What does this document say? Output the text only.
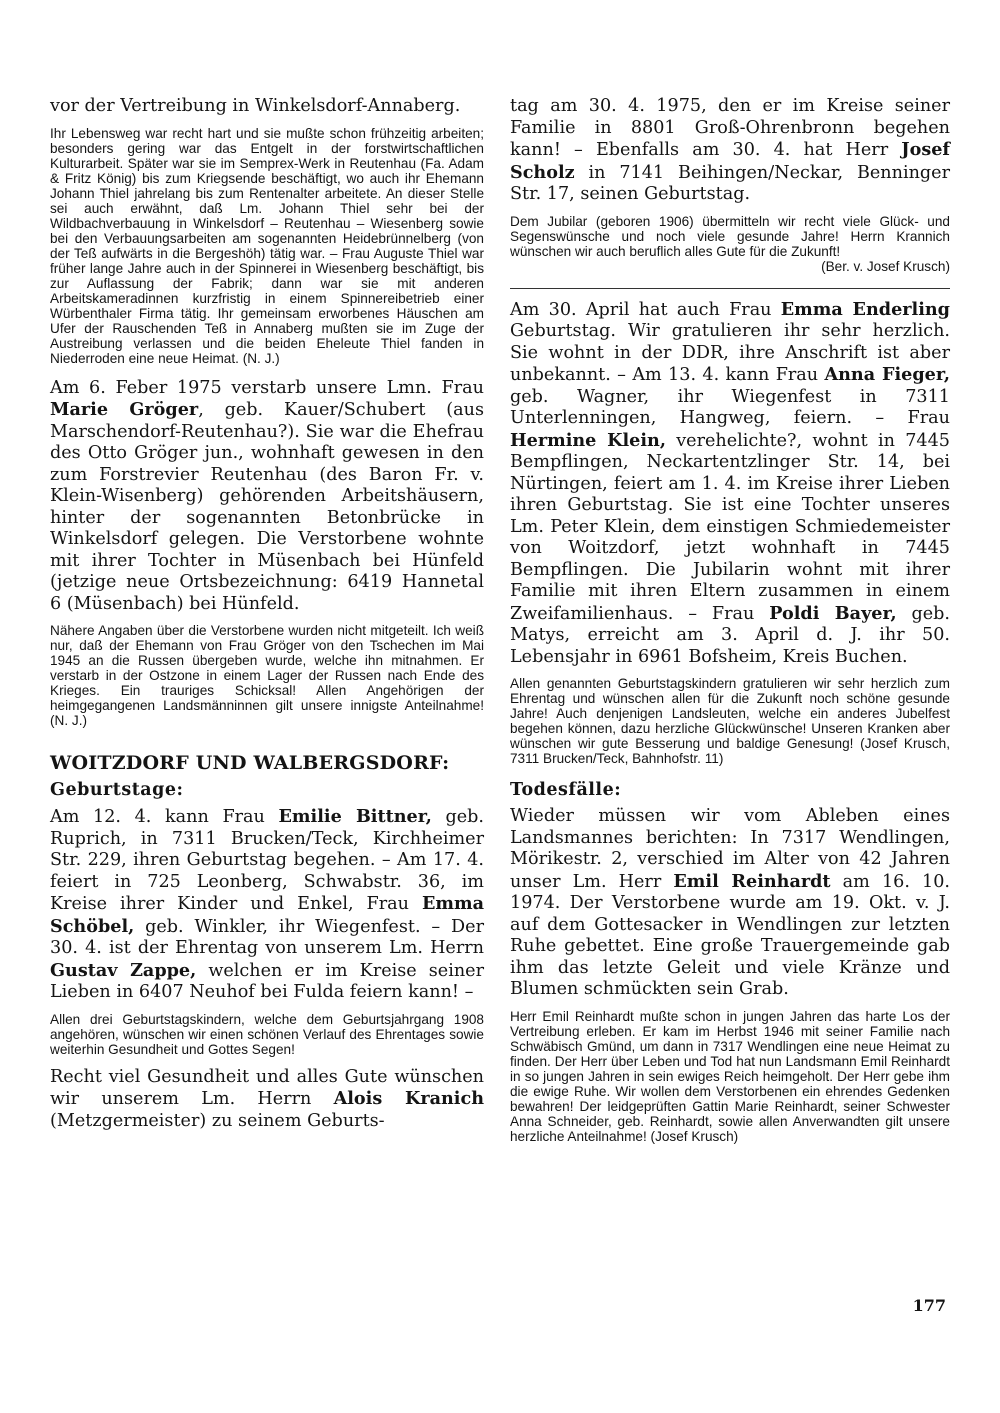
vor der Vertreibung in Winkelsdorf-Annaberg.

Ihr Lebensweg war recht hart und sie mußte schon frühzeitig arbeiten; besonders gering war das Entgelt in der forstwirtschaftlichen Kulturarbeit. Später war sie im Semprex-Werk in Reutenhau (Fa. Adam & Fritz König) bis zum Kriegsende beschäftigt, wo auch ihr Ehemann Johann Thiel jahrelang bis zum Rentenalter arbeitete. An dieser Stelle sei auch erwähnt, daß Lm. Johann Thiel sehr bei der Wildbachverbauung in Winkelsdorf – Reutenhau – Wiesenberg sowie bei den Verbauungsarbeiten am sogenannten Heidebrünnelberg (von der Teß aufwärts in die Bergeshöh) tätig war. – Frau Auguste Thiel war früher lange Jahre auch in der Spinnerei in Wiesenberg beschäftigt, bis zur Auflassung der Fabrik; dann war sie mit anderen Arbeitskameradinnen kurzfristig in einem Spinnereibetrieb einer Würbenthaler Firma tätig. Ihr gemeinsam erworbenes Häuschen am Ufer der Rauschenden Teß in Annaberg mußten sie im Zuge der Austreibung verlassen und die beiden Eheleute Thiel fanden in Niederroden eine neue Heimat. (N. J.)

Am 6. Feber 1975 verstarb unsere Lmn. Frau Marie Gröger, geb. Kauer/Schubert (aus Marschendorf-Reutenhau?). Sie war die Ehefrau des Otto Gröger jun., wohnhaft gewesen in den zum Forstrevier Reutenhau (des Baron Fr. v. Klein-Wisenberg) gehörenden Arbeitshäusern, hinter der sogenannten Betonbrücke in Winkelsdorf gelegen. Die Verstorbene wohnte mit ihrer Tochter in Müsenbach bei Hünfeld (jetzige neue Ortsbezeichnung: 6419 Hannetal 6 (Müsenbach) bei Hünfeld.

Nähere Angaben über die Verstorbene wurden nicht mitgeteilt. Ich weiß nur, daß der Ehemann von Frau Gröger von den Tschechen im Mai 1945 an die Russen übergeben wurde, welche ihn mitnahmen. Er verstarb in der Ostzone in einem Lager der Russen nach Ende des Krieges. Ein trauriges Schicksal! Allen Angehörigen der heimgegangenen Landsmänninnen gilt unsere innigste Anteilnahme! (N. J.)

WOITZDORF UND WALBERGSDORF:
Geburtstage:

Am 12. 4. kann Frau Emilie Bittner, geb. Ruprich, in 7311 Brucken/Teck, Kirchheimer Str. 229, ihren Geburtstag begehen. – Am 17. 4. feiert in 725 Leonberg, Schwabstr. 36, im Kreise ihrer Kinder und Enkel, Frau Emma Schöbel, geb. Winkler, ihr Wiegenfest. – Der 30. 4. ist der Ehrentag von unserem Lm. Herrn Gustav Zappe, welchen er im Kreise seiner Lieben in 6407 Neuhof bei Fulda feiern kann! –

Allen drei Geburtstagskindern, welche dem Geburtsjahrgang 1908 angehören, wünschen wir einen schönen Verlauf des Ehrentages sowie weiterhin Gesundheit und Gottes Segen!

Recht viel Gesundheit und alles Gute wünschen wir unserem Lm. Herrn Alois Kranich (Metzgermeister) zu seinem Geburts-

tag am 30. 4. 1975, den er im Kreise seiner Familie in 8801 Groß-Ohrenbronn begehen kann! – Ebenfalls am 30. 4. hat Herr Josef Scholz in 7141 Beihingen/Neckar, Benninger Str. 17, seinen Geburtstag.

Dem Jubilar (geboren 1906) übermitteln wir recht viele Glück- und Segenswünsche und noch viele gesunde Jahre! Herrn Krannich wünschen wir auch beruflich alles Gute für die Zukunft!

(Ber. v. Josef Krusch)

Am 30. April hat auch Frau Emma Enderling Geburtstag. Wir gratulieren ihr sehr herzlich. Sie wohnt in der DDR, ihre Anschrift ist aber unbekannt. – Am 13. 4. kann Frau Anna Fieger, geb. Wagner, ihr Wiegenfest in 7311 Unterlenningen, Hangweg, feiern. – Frau Hermine Klein, verehelichte?, wohnt in 7445 Bempflingen, Neckartentzlinger Str. 14, bei Nürtingen, feiert am 1. 4. im Kreise ihrer Lieben ihren Geburtstag. Sie ist eine Tochter unseres Lm. Peter Klein, dem einstigen Schmiedemeister von Woitzdorf, jetzt wohnhaft in 7445 Bempflingen. Die Jubilarin wohnt mit ihrer Familie mit ihren Eltern zusammen in einem Zweifamilienhaus. – Frau Poldi Bayer, geb. Matys, erreicht am 3. April d. J. ihr 50. Lebensjahr in 6961 Bofsheim, Kreis Buchen.

Allen genannten Geburtstagskindern gratulieren wir sehr herzlich zum Ehrentag und wünschen allen für die Zukunft noch schöne gesunde Jahre! Auch denjenigen Landsleuten, welche ein anderes Jubelfest begehen können, dazu herzliche Glückwünsche! Unseren Kranken aber wünschen wir gute Besserung und baldige Genesung! (Josef Krusch, 7311 Brucken/Teck, Bahnhofstr. 11)

Todesfälle:

Wieder müssen wir vom Ableben eines Landsmannes berichten: In 7317 Wendlingen, Mörikestr. 2, verschied im Alter von 42 Jahren unser Lm. Herr Emil Reinhardt am 16. 10. 1974. Der Verstorbene wurde am 19. Okt. v. J. auf dem Gottesacker in Wendlingen zur letzten Ruhe gebettet. Eine große Trauergemeinde gab ihm das letzte Geleit und viele Kränze und Blumen schmückten sein Grab.

Herr Emil Reinhardt mußte schon in jungen Jahren das harte Los der Vertreibung erleben. Er kam im Herbst 1946 mit seiner Familie nach Schwäbisch Gmünd, um dann in 7317 Wendlingen eine neue Heimat zu finden. Der Herr über Leben und Tod hat nun Landsmann Emil Reinhardt in so jungen Jahren in sein ewiges Reich heimgeholt. Der Herr gebe ihm die ewige Ruhe. Wir wollen dem Verstorbenen ein ehrendes Gedenken bewahren! Der leidgeprüften Gattin Marie Reinhardt, seiner Schwester Anna Schneider, geb. Reinhardt, sowie allen Anverwandten gilt unsere herzliche Anteilnahme! (Josef Krusch)

177
